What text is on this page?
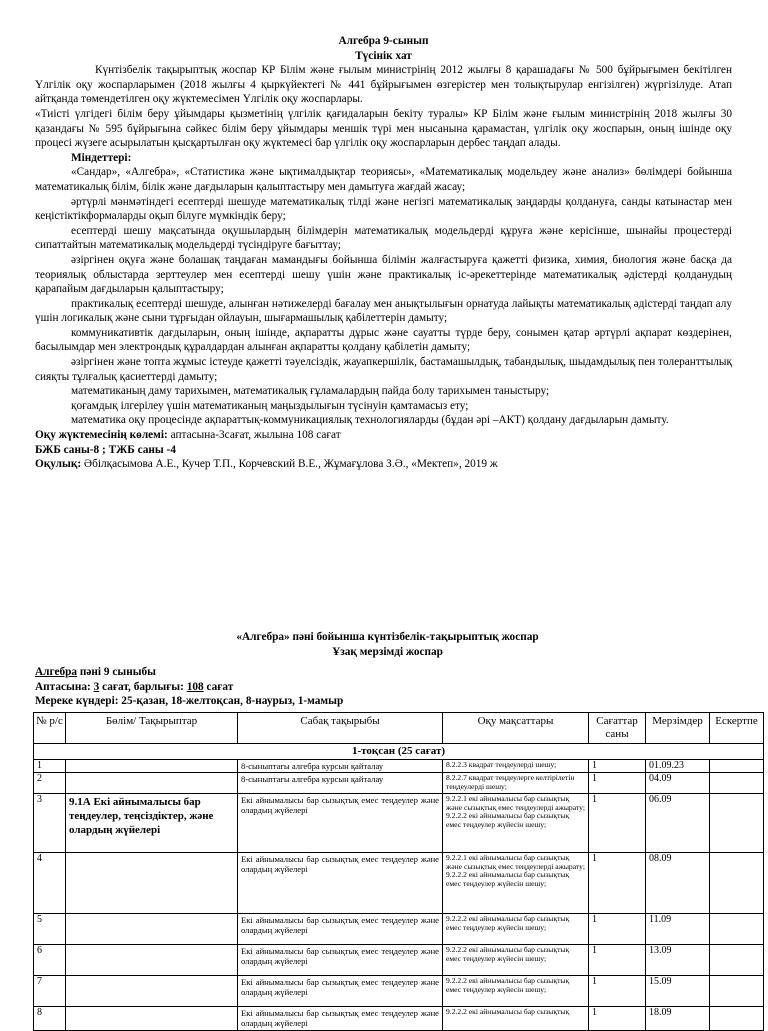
Алгебра 9-сынып
Түсінік хат

Күнтізбелік тақырыптық жоспар КР Білім және ғылым министрінің 2012 жылғы 8 қарашадағы № 500 бұйрығымен бекітілген Үлгілік оқу жоспарларымен (2018 жылғы 4 қыркүйектегі № 441 бұйрығымен өзгерістер мен толықтырулар енгізілген) жүргізілуде. Атап айтқанда төмендетілген оқу жүктемесімен Үлгілік оқу жоспарлары.

«Тиісті үлгідегі білім беру ұйымдары қызметінің үлгілік қағидаларын бекіту туралы» КР Білім және ғылым министрінің 2018 жылғы 30 қазандағы № 595 бұйрығына сәйкес білім беру ұйымдары меншік түрі мен нысанына қарамастан, үлгілік оқу жоспарын, оның ішінде оқу процесі жүзеге асырылатын қысқартылған оқу жүктемесі бар үлгілік оқу жоспарларын дербес таңдап алады.

Міндеттері:

«Сандар», «Алгебра», «Статистика және ықтималдықтар теориясы», «Математикалық модельдеу және анализ» бөлімдері бойынша математикалық білім, білік және дағдыларын қалыптастыру мен дамытуға жағдай жасау;

әртүрлі мәнмәтіндегі есептерді шешуде математикалық тілді және негізгі математикалық заңдарды қолдануға, санды катынастар мен кеңістіктікформаларды оқып білуге мүмкіндік беру;

есептерді шешу мақсатында оқушылардың білімдерін математикалық модельдерді құруға және керісінше, шынайы процестерді сипаттайтын математикалық модельдерді түсіндіруге бағыттау;

әзіргінен оқуға және болашақ таңдаған мамандығы бойынша білімін жалғастыруға қажетті физика, химия, биология және басқа да теориялық облыстарда зерттеулер мен есептерді шешу үшін және практикалық іс-әрекеттерінде математикалық әдістерді қолданудың қарапайым дағдыларын қалыптастыру;

практикалық есептерді шешуде, алынған нәтижелерді бағалау мен анықтылығын орнатуда лайықты математикалық әдістерді таңдап алу үшін логикалық және сыни тұрғыдан ойлауын, шығармашылық қабілеттерін дамыту;

коммуникативтік дағдыларын, оның ішінде, ақпаратты дұрыс және сауатты түрде беру, сонымен қатар әртүрлі ақпарат көздерінен, басылымдар мен электрондық құралдардан алынған ақпаратты қолдану қабілетін дамыту;

әзіргінен және топта жұмыс істеуде қажетті тәуелсіздік, жауапкершілік, бастамашылдық, табандылық, шыдамдылық пен толеранттылық сияқты тұлғалық қасиеттерді дамыту;

математиканың даму тарихымен, математикалық ғұламалардың пайда болу тарихымен таныстыру;

қоғамдық ілгерілеу үшін математиканың маңыздылығын түсінуін қамтамасыз ету;

математика оқу процесінде ақпараттық-коммуникациялық технологияларды (бұдан әрі –АКТ) қолдану дағдыларын дамыту.

Оқу жүктемесінің көлемі: аптасына-3сағат, жылына 108 сағат

БЖБ саны-8 ; ТЖБ саны -4

Оқулық: Әбілқасымова А.Е., Кучер Т.П., Корчевский В.Е., Жұмағұлова З.Ә., «Мектеп», 2019 ж

«Алгебра» пәні бойынша күнтізбелік-тақырыптық жоспар
Ұзақ мерзімді жоспар
Алгебра пәні 9 сыныбы
Аптасына: 3 сағат, барлығы: 108 сағат
Мереке күндері: 25-қазан, 18-желтоқсан, 8-наурыз, 1-мамыр
№ р/с	Бөлім/ Тақырыптар	Сабақ тақырыбы	Оқу мақсаттары	Сағаттар саны	Мерзімдер	Ескертпе
1-тоқсан (25 сағат)						
1		8-сыныптағы алгебра курсын қайталау	8.2.2.3 квадрат теңдеулерді шешу;	1	01.09.23	
2		8-сыныптағы алгебра курсын қайталау	8.2.2.7 квадрат теңдеулерге келтірілетін теңдеулерді шешу;	1	04.09	
3	9.1А Екі айнымалысы бар теңдеулер, теңсіздіктер, және олардың жүйелері	Екі айнымалысы бар сызықтық емес теңдеулер және олардың жүйелері	9.2.2.1 екі айнымалысы бар сызықтық және сызықтық емес теңдеулерді ажырату; 9.2.2.2 екі айнымалысы бар сызықтық емес теңдеулер жүйесін шешу;	1	06.09	
4		Екі айнымалысы бар сызықтық емес теңдеулер және олардың жүйелері	9.2.2.1 екі айнымалысы бар сызықтық және сызықтық емес теңдеулерді ажырату; 9.2.2.2 екі айнымалысы бар сызықтық емес теңдеулер жүйесін шешу;	1	08.09	
5		Екі айнымалысы бар сызықтық емес теңдеулер және олардың жүйелері	9.2.2.2 екі айнымалысы бар сызықтық емес теңдеулер жүйесін шешу;	1	11.09	
6		Екі айнымалысы бар сызықтық емес теңдеулер және олардың жүйелері	9.2.2.2 екі айнымалысы бар сызықтық емес теңдеулер жүйесін шешу;	1	13.09	
7		Екі айнымалысы бар сызықтық емес теңдеулер және олардың жүйелері	9.2.2.2 екі айнымалысы бар сызықтық емес теңдеулер жүйесін шешу;	1	15.09	
8		Екі айнымалысы бар сызықтық емес теңдеулер және олардың жүйелері	9.2.2.2 екі айнымалысы бар сызықтық	1	18.09	
